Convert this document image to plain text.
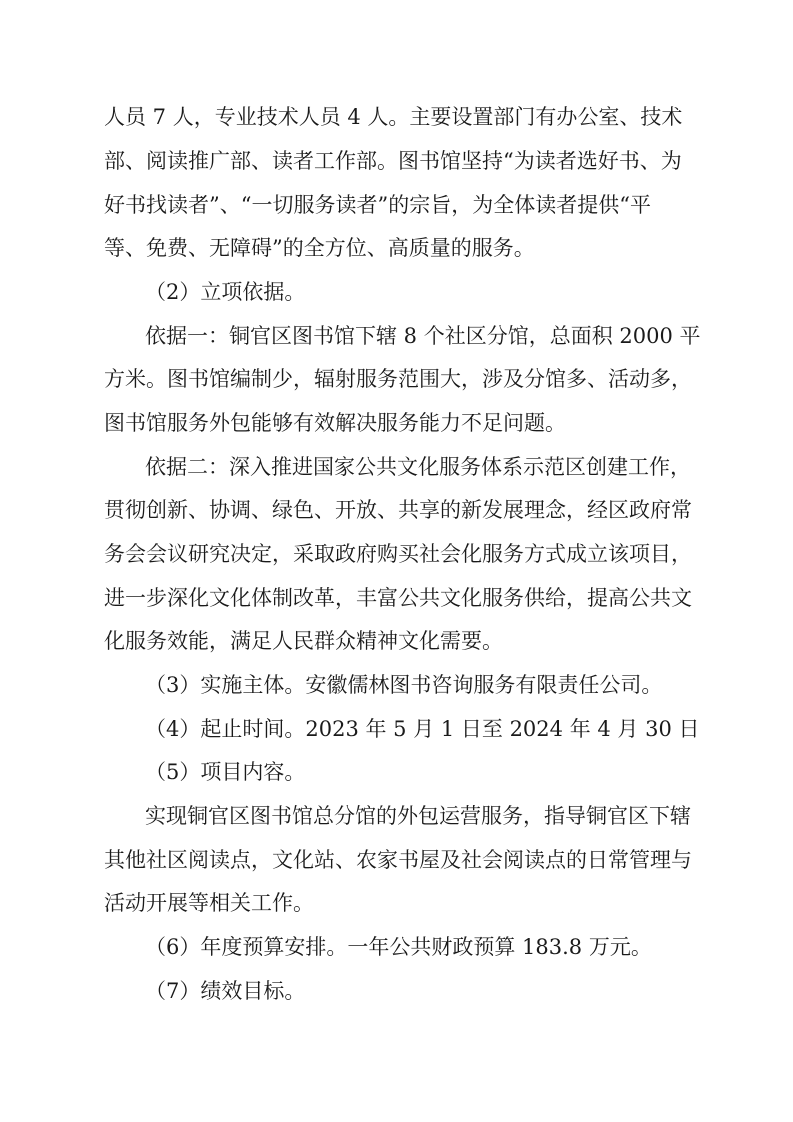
人员 7 人，专业技术人员 4 人。主要设置部门有办公室、技术
部、阅读推广部、读者工作部。图书馆坚持“为读者选好书、为
好书找读者”、“一切服务读者”的宗旨，为全体读者提供“平
等、免费、无障碍”的全方位、高质量的服务。
（2）立项依据。
依据一：铜官区图书馆下辖 8 个社区分馆，总面积 2000 平
方米。图书馆编制少，辐射服务范围大，涉及分馆多、活动多，
图书馆服务外包能够有效解决服务能力不足问题。
依据二：深入推进国家公共文化服务体系示范区创建工作，
贯彻创新、协调、绿色、开放、共享的新发展理念，经区政府常
务会会议研究决定，采取政府购买社会化服务方式成立该项目，
进一步深化文化体制改革，丰富公共文化服务供给，提高公共文
化服务效能，满足人民群众精神文化需要。
（3）实施主体。安徽儒林图书咨询服务有限责任公司。
（4）起止时间。2023 年 5 月 1 日至 2024 年 4 月 30 日
（5）项目内容。
实现铜官区图书馆总分馆的外包运营服务，指导铜官区下辖
其他社区阅读点，文化站、农家书屋及社会阅读点的日常管理与
活动开展等相关工作。
（6）年度预算安排。一年公共财政预算 183.8 万元。
（7）绩效目标。
